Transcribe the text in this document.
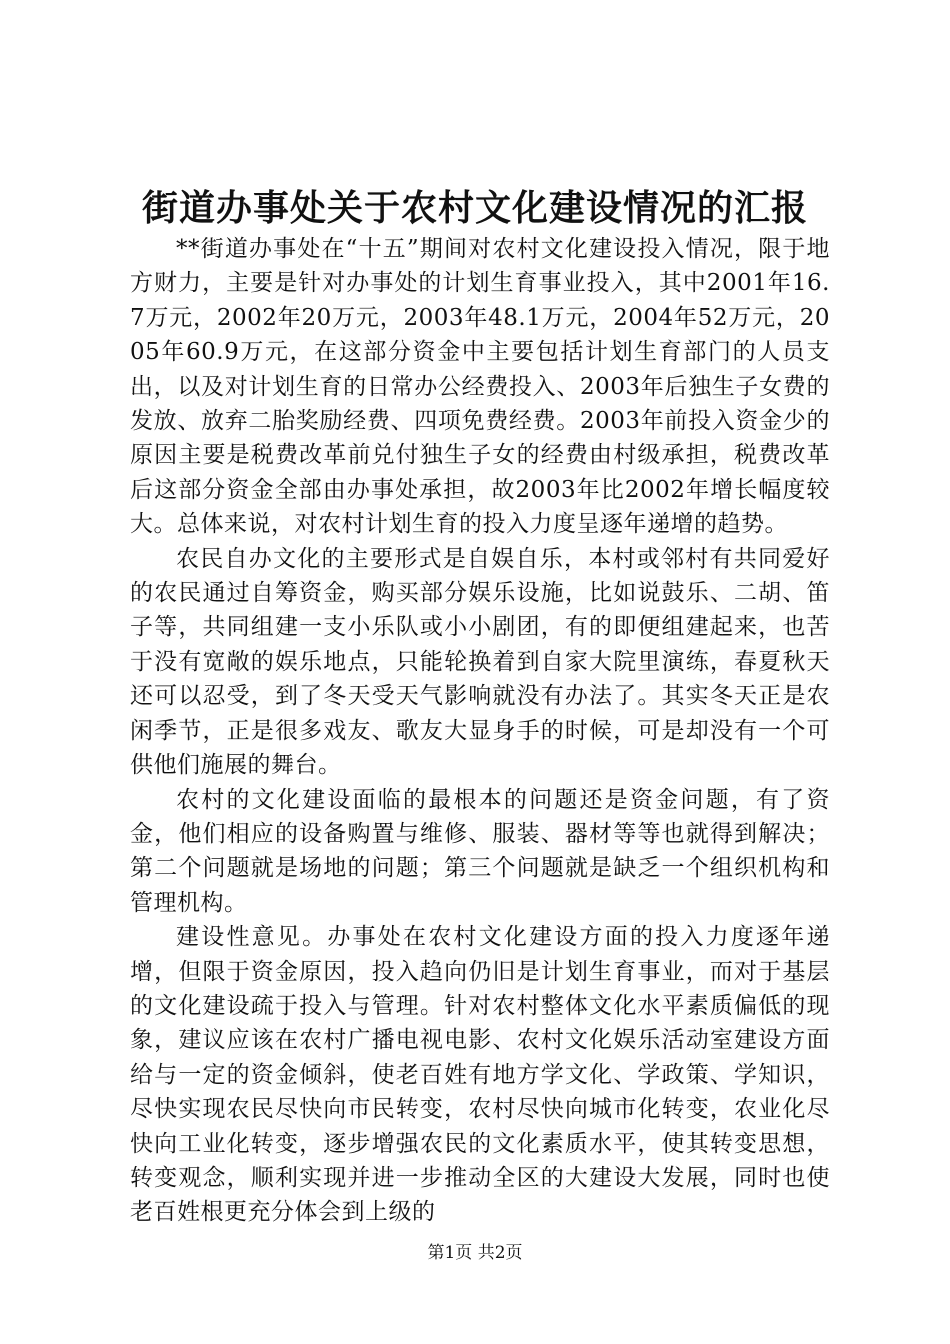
街道办事处关于农村文化建设情况的汇报

**街道办事处在“十五”期间对农村文化建设投入情况，限于地方财力，主要是针对办事处的计划生育事业投入，其中2001年16.7万元，2002年20万元，2003年48.1万元，2004年52万元，2005年60.9万元，在这部分资金中主要包括计划生育部门的人员支出，以及对计划生育的日常办公经费投入、2003年后独生子女费的发放、放弃二胎奖励经费、四项免费经费。2003年前投入资金少的原因主要是税费改革前兑付独生子女的经费由村级承担，税费改革后这部分资金全部由办事处承担，故2003年比2002年增长幅度较大。总体来说，对农村计划生育的投入力度呈逐年递增的趋势。

农民自办文化的主要形式是自娱自乐，本村或邻村有共同爱好的农民通过自筹资金，购买部分娱乐设施，比如说鼓乐、二胡、笛子等，共同组建一支小乐队或小小剧团，有的即便组建起来，也苦于没有宽敞的娱乐地点，只能轮换着到自家大院里演练，春夏秋天还可以忍受，到了冬天受天气影响就没有办法了。其实冬天正是农闲季节，正是很多戏友、歌友大显身手的时候，可是却没有一个可供他们施展的舞台。

农村的文化建设面临的最根本的问题还是资金问题，有了资金，他们相应的设备购置与维修、服装、器材等等也就得到解决；第二个问题就是场地的问题；第三个问题就是缺乏一个组织机构和管理机构。

建设性意见。办事处在农村文化建设方面的投入力度逐年递增，但限于资金原因，投入趋向仍旧是计划生育事业，而对于基层的文化建设疏于投入与管理。针对农村整体文化水平素质偏低的现象，建议应该在农村广播电视电影、农村文化娱乐活动室建设方面给与一定的资金倾斜，使老百姓有地方学文化、学政策、学知识，尽快实现农民尽快向市民转变，农村尽快向城市化转变，农业化尽快向工业化转变，逐步增强农民的文化素质水平，使其转变思想，转变观念，顺利实现并进一步推动全区的大建设大发展，同时也使老百姓根更充分体会到上级的

第1页 共2页
